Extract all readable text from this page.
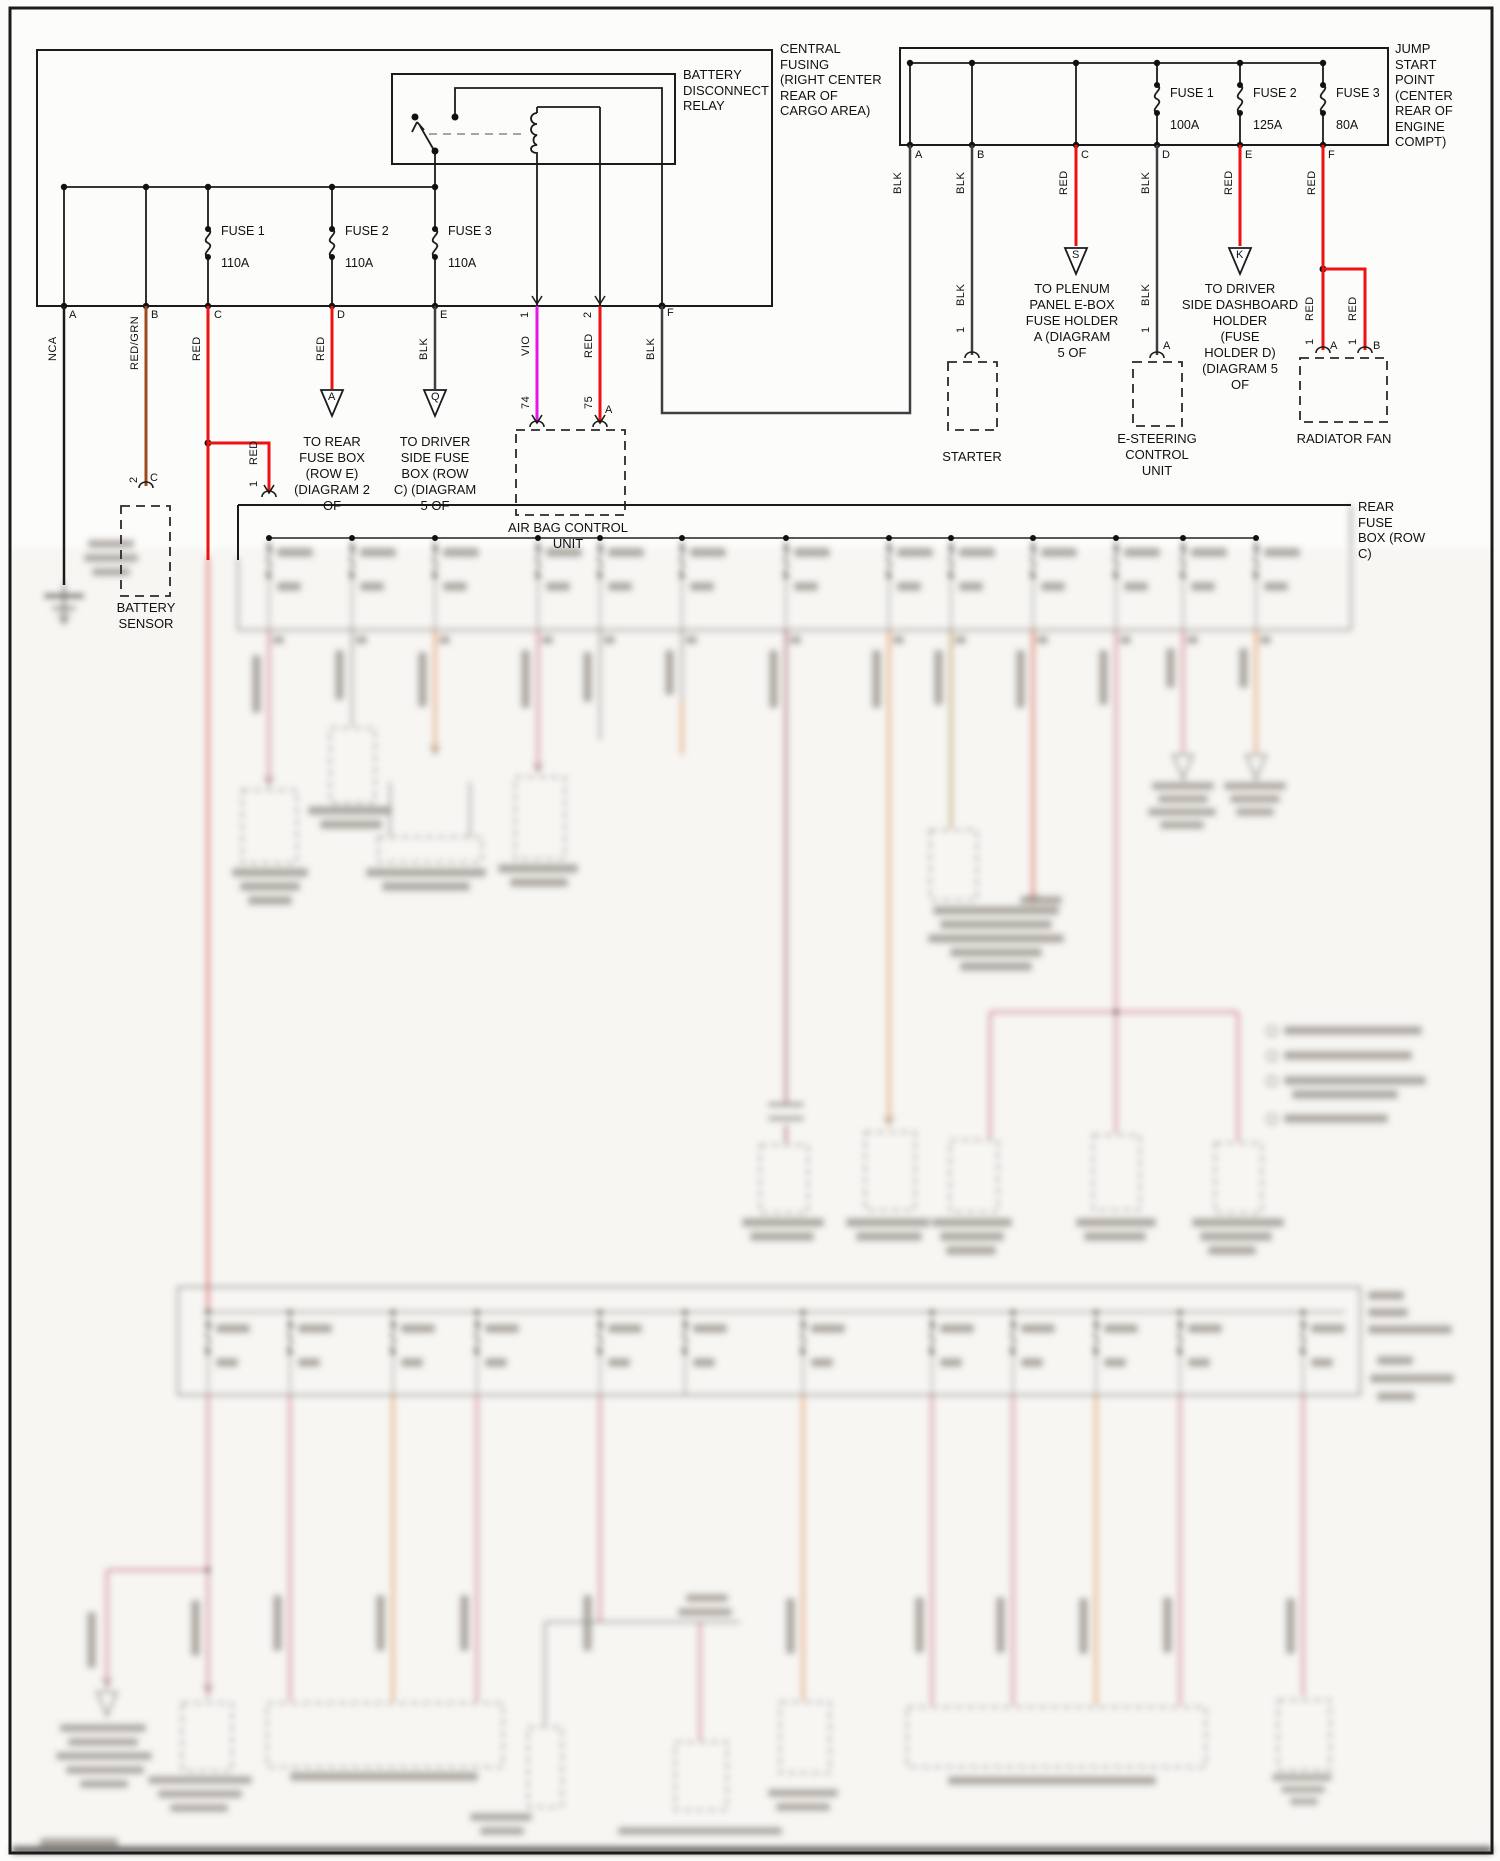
CENTRAL
FUSING
(RIGHT CENTER
REAR OF
CARGO AREA)
BATTERY
DISCONNECT
RELAY
JUMP
START
POINT
(CENTER
REAR OF
ENGINE
COMPT)
FUSE 1
110A
FUSE 2
110A
FUSE 3
110A
FUSE 1
100A
FUSE 2
125A
FUSE 3
80A
A	B	C	D	E	F
1	2
A	B	C	D	E	F
NCA	RED/GRN	RED	RED	BLK	VIO
74
RED
75
A
BLK
BLK	BLK	RED	BLK	RED	RED
BLK
1
BLK
1
A
RED
1 A
RED
1 B
2 C
RED
1
A	Q
S	K
TO REAR
FUSE BOX
(ROW E)
(DIAGRAM 2
OF
TO DRIVER
SIDE FUSE
BOX (ROW
C) (DIAGRAM
5 OF
TO PLENUM
PANEL E-BOX
FUSE HOLDER
A (DIAGRAM
5 OF
TO DRIVER
SIDE DASHBOARD
HOLDER
(FUSE
HOLDER D)
(DIAGRAM 5
OF
STARTER
E-STEERING
CONTROL
UNIT
RADIATOR FAN
AIR BAG CONTROL
UNIT
BATTERY
SENSOR
REAR
FUSE
BOX (ROW
C)
